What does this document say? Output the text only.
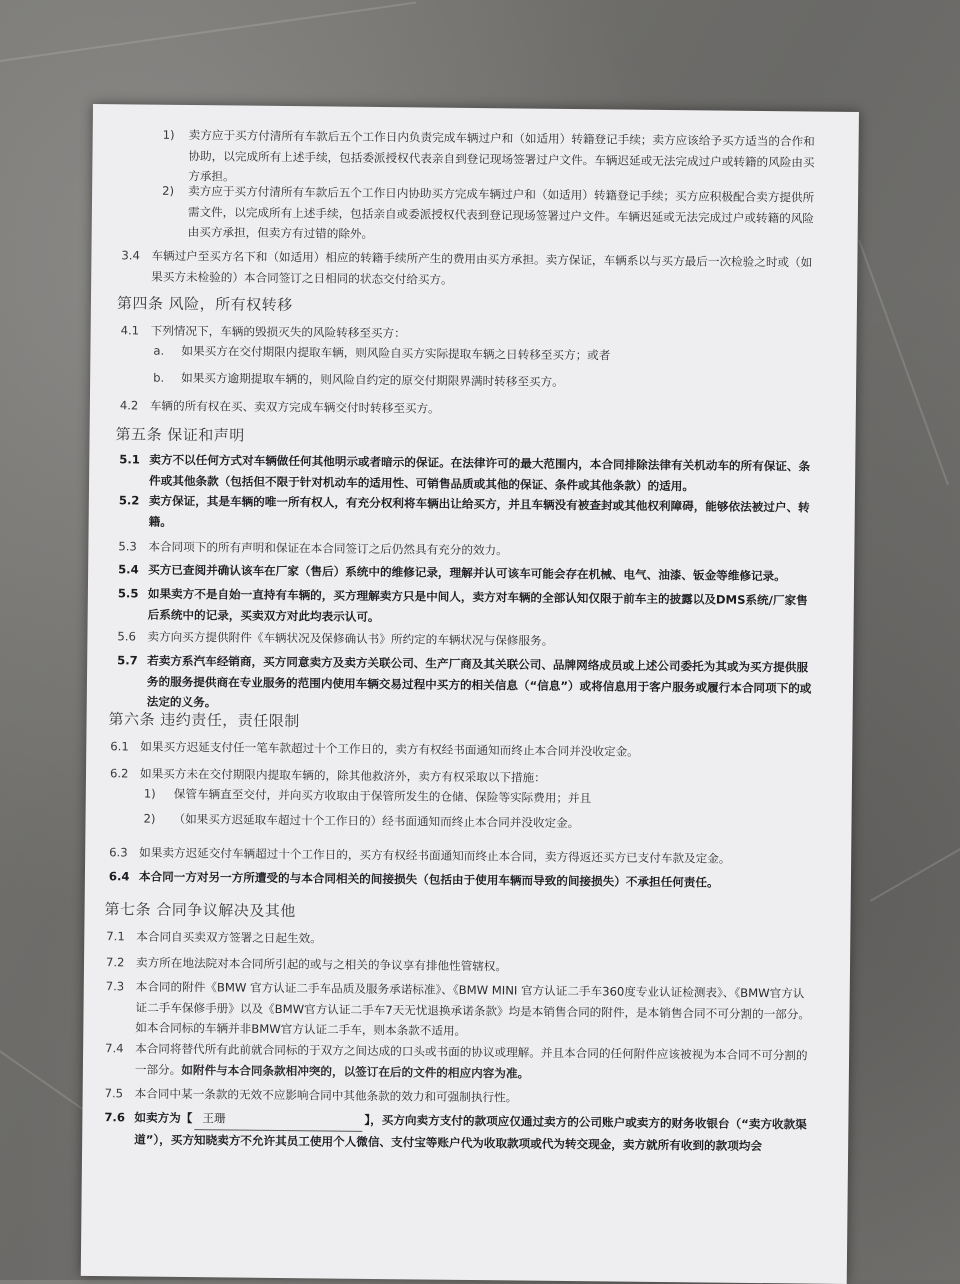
1)	卖方应于买方付清所有车款后五个工作日内负责完成车辆过户和（如适用）转籍登记手续；卖方应该给予买方适当的合作和协助，以完成所有上述手续，包括委派授权代表亲自到登记现场签署过户文件。车辆迟延或无法完成过户或转籍的风险由买方承担。
2)	卖方应于买方付清所有车款后五个工作日内协助买方完成车辆过户和（如适用）转籍登记手续；买方应积极配合卖方提供所需文件，以完成所有上述手续，包括亲自或委派授权代表到登记现场签署过户文件。车辆迟延或无法完成过户或转籍的风险由买方承担，但卖方有过错的除外。
3.4 车辆过户至买方名下和（如适用）相应的转籍手续所产生的费用由买方承担。卖方保证，车辆系以与买方最后一次检验之时或（如果买方未检验的）本合同签订之日相同的状态交付给买方。
第四条 风险，所有权转移
4.1 下列情况下，车辆的毁损灭失的风险转移至买方：
a.	如果买方在交付期限内提取车辆，则风险自买方实际提取车辆之日转移至买方；或者
b.	如果买方逾期提取车辆的，则风险自约定的原交付期限界满时转移至买方。
4.2 车辆的所有权在买、卖双方完成车辆交付时转移至买方。
第五条 保证和声明
5.1 卖方不以任何方式对车辆做任何其他明示或者暗示的保证。在法律许可的最大范围内，本合同排除法律有关机动车的所有保证、条件或其他条款（包括但不限于针对机动车的适用性、可销售品质或其他的保证、条件或其他条款）的适用。
5.2 卖方保证，其是车辆的唯一所有权人，有充分权利将车辆出让给买方，并且车辆没有被查封或其他权利障碍，能够依法被过户、转籍。
5.3 本合同项下的所有声明和保证在本合同签订之后仍然具有充分的效力。
5.4 买方已查阅并确认该车在厂家（售后）系统中的维修记录，理解并认可该车可能会存在机械、电气、油漆、钣金等维修记录。
5.5 如果卖方不是自始一直持有车辆的，买方理解卖方只是中间人，卖方对车辆的全部认知仅限于前车主的披露以及DMS系统/厂家售后系统中的记录，买卖双方对此均表示认可。
5.6 卖方向买方提供附件《车辆状况及保修确认书》所约定的车辆状况与保修服务。
5.7 若卖方系汽车经销商，买方同意卖方及卖方关联公司、生产厂商及其关联公司、品牌网络成员或上述公司委托为其或为买方提供服务的服务提供商在专业服务的范围内使用车辆交易过程中买方的相关信息（“信息”）或将信息用于客户服务或履行本合同项下的或法定的义务。
第六条 违约责任，责任限制
6.1 如果买方迟延支付任一笔车款超过十个工作日的，卖方有权经书面通知而终止本合同并没收定金。
6.2 如果买方未在交付期限内提取车辆的，除其他救济外，卖方有权采取以下措施：
1)	保管车辆直至交付，并向买方收取由于保管所发生的仓储、保险等实际费用；并且
2)	（如果买方迟延取车超过十个工作日的）经书面通知而终止本合同并没收定金。
6.3 如果卖方迟延交付车辆超过十个工作日的，买方有权经书面通知而终止本合同，卖方得返还买方已支付车款及定金。
6.4 本合同一方对另一方所遭受的与本合同相关的间接损失（包括由于使用车辆而导致的间接损失）不承担任何责任。
第七条 合同争议解决及其他
7.1 本合同自买卖双方签署之日起生效。
7.2 卖方所在地法院对本合同所引起的或与之相关的争议享有排他性管辖权。
7.3 本合同的附件《BMW 官方认证二手车品质及服务承诺标准》、《BMW MINI 官方认证二手车360度专业认证检测表》、《BMW官方认证二手车保修手册》以及《BMW官方认证二手车7天无忧退换承诺条款》均是本销售合同的附件，是本销售合同不可分割的一部分。如本合同标的车辆并非BMW官方认证二手车，则本条款不适用。
7.4 本合同将替代所有此前就合同标的于双方之间达成的口头或书面的协议或理解。并且本合同的任何附件应该被视为本合同不可分割的一部分。如附件与本合同条款相冲突的，以签订在后的文件的相应内容为准。
7.5 本合同中某一条款的无效不应影响合同中其他条款的效力和可强制执行性。
7.6 如卖方为【 王珊	】，买方向卖方支付的款项应仅通过卖方的公司账户或卖方的财务收银台（“卖方收款渠道”），买方知晓卖方不允许其员工使用个人微信、支付宝等账户代为收取款项或代为转交现金，卖方就所有收到的款项均会
